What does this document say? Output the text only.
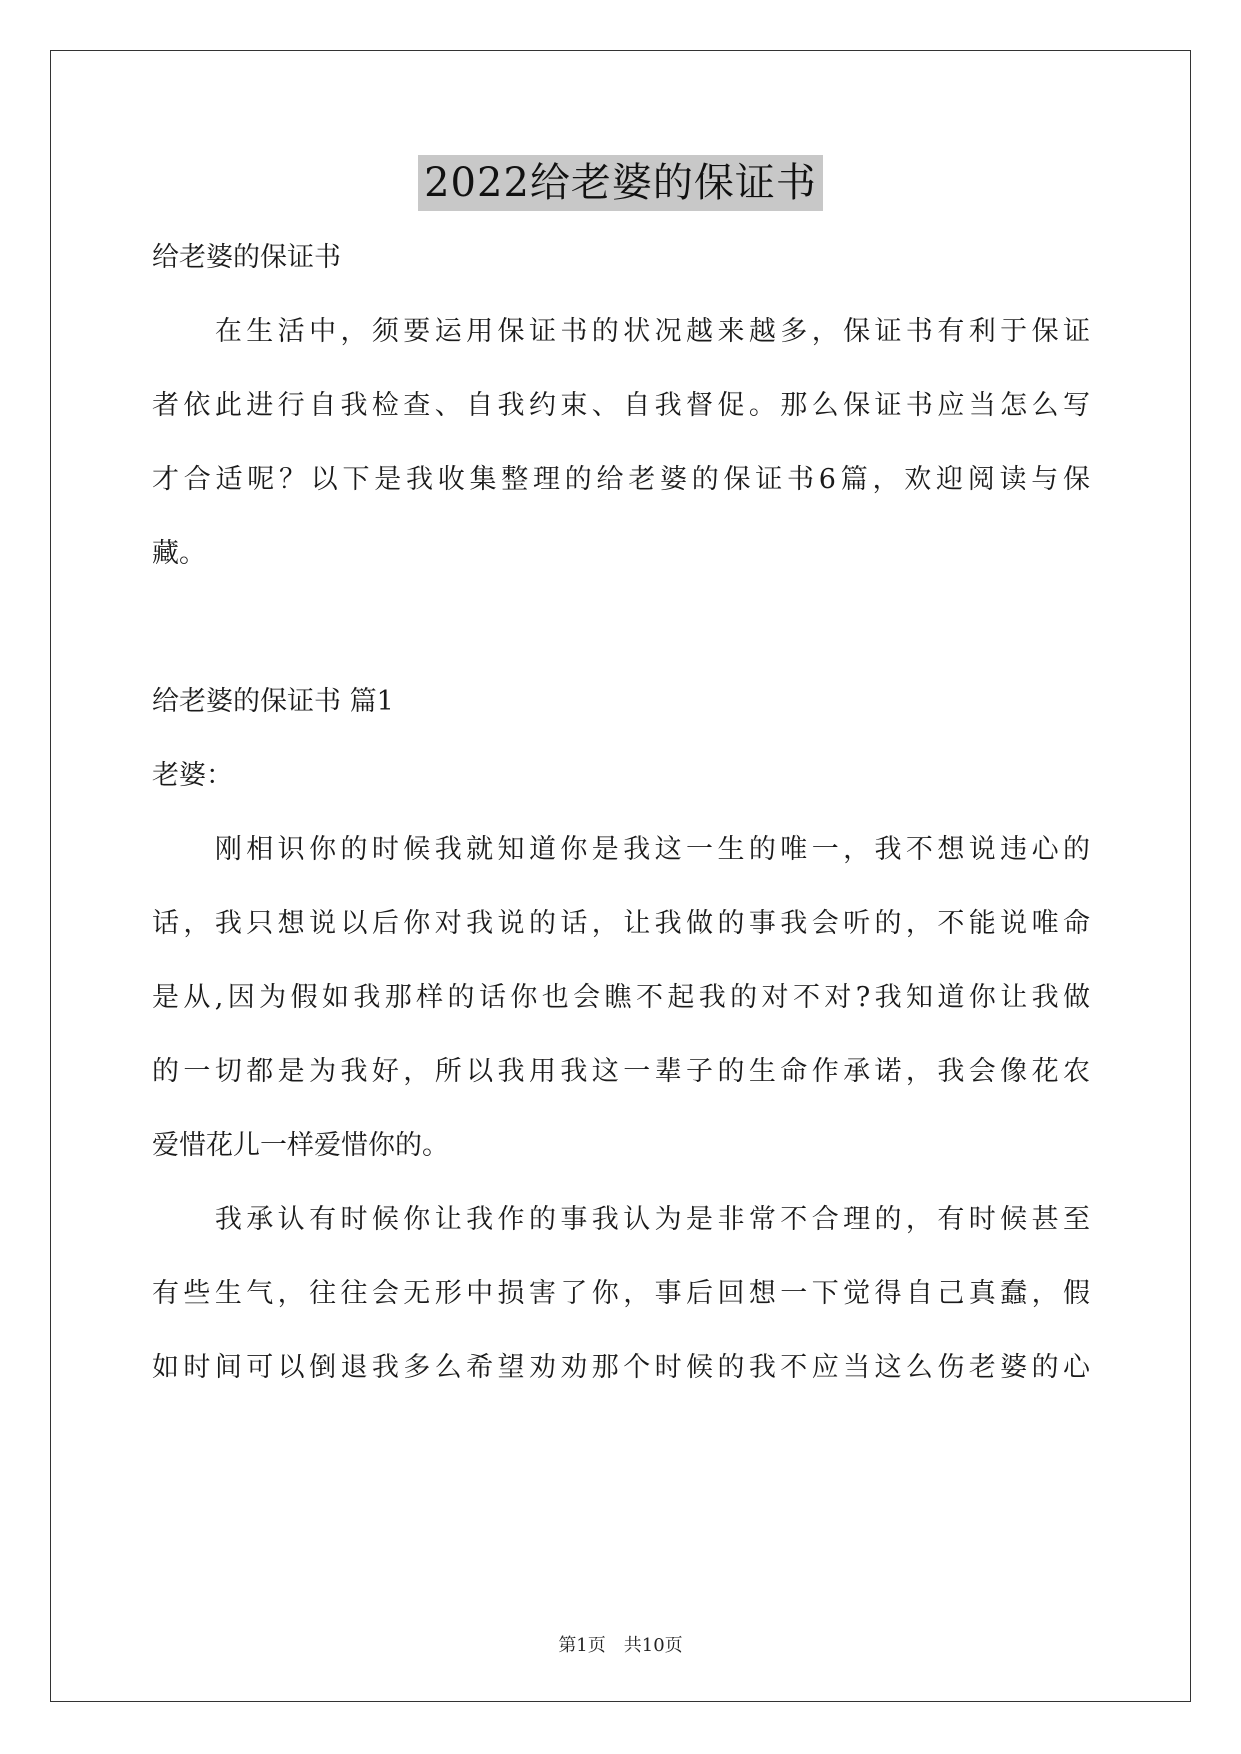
2022给老婆的保证书
给老婆的保证书
　　在生活中，须要运用保证书的状况越来越多，保证书有利于保证
者依此进行自我检查、自我约束、自我督促。那么保证书应当怎么写
才合适呢？以下是我收集整理的给老婆的保证书6篇，欢迎阅读与保
藏。
给老婆的保证书 篇1
老婆：
　　刚相识你的时候我就知道你是我这一生的唯一，我不想说违心的
话，我只想说以后你对我说的话，让我做的事我会听的，不能说唯命
是从,因为假如我那样的话你也会瞧不起我的对不对?我知道你让我做
的一切都是为我好，所以我用我这一辈子的生命作承诺，我会像花农
爱惜花儿一样爱惜你的。
　　我承认有时候你让我作的事我认为是非常不合理的，有时候甚至
有些生气，往往会无形中损害了你，事后回想一下觉得自己真蠢，假
如时间可以倒退我多么希望劝劝那个时候的我不应当这么伤老婆的心
第1页 共10页
